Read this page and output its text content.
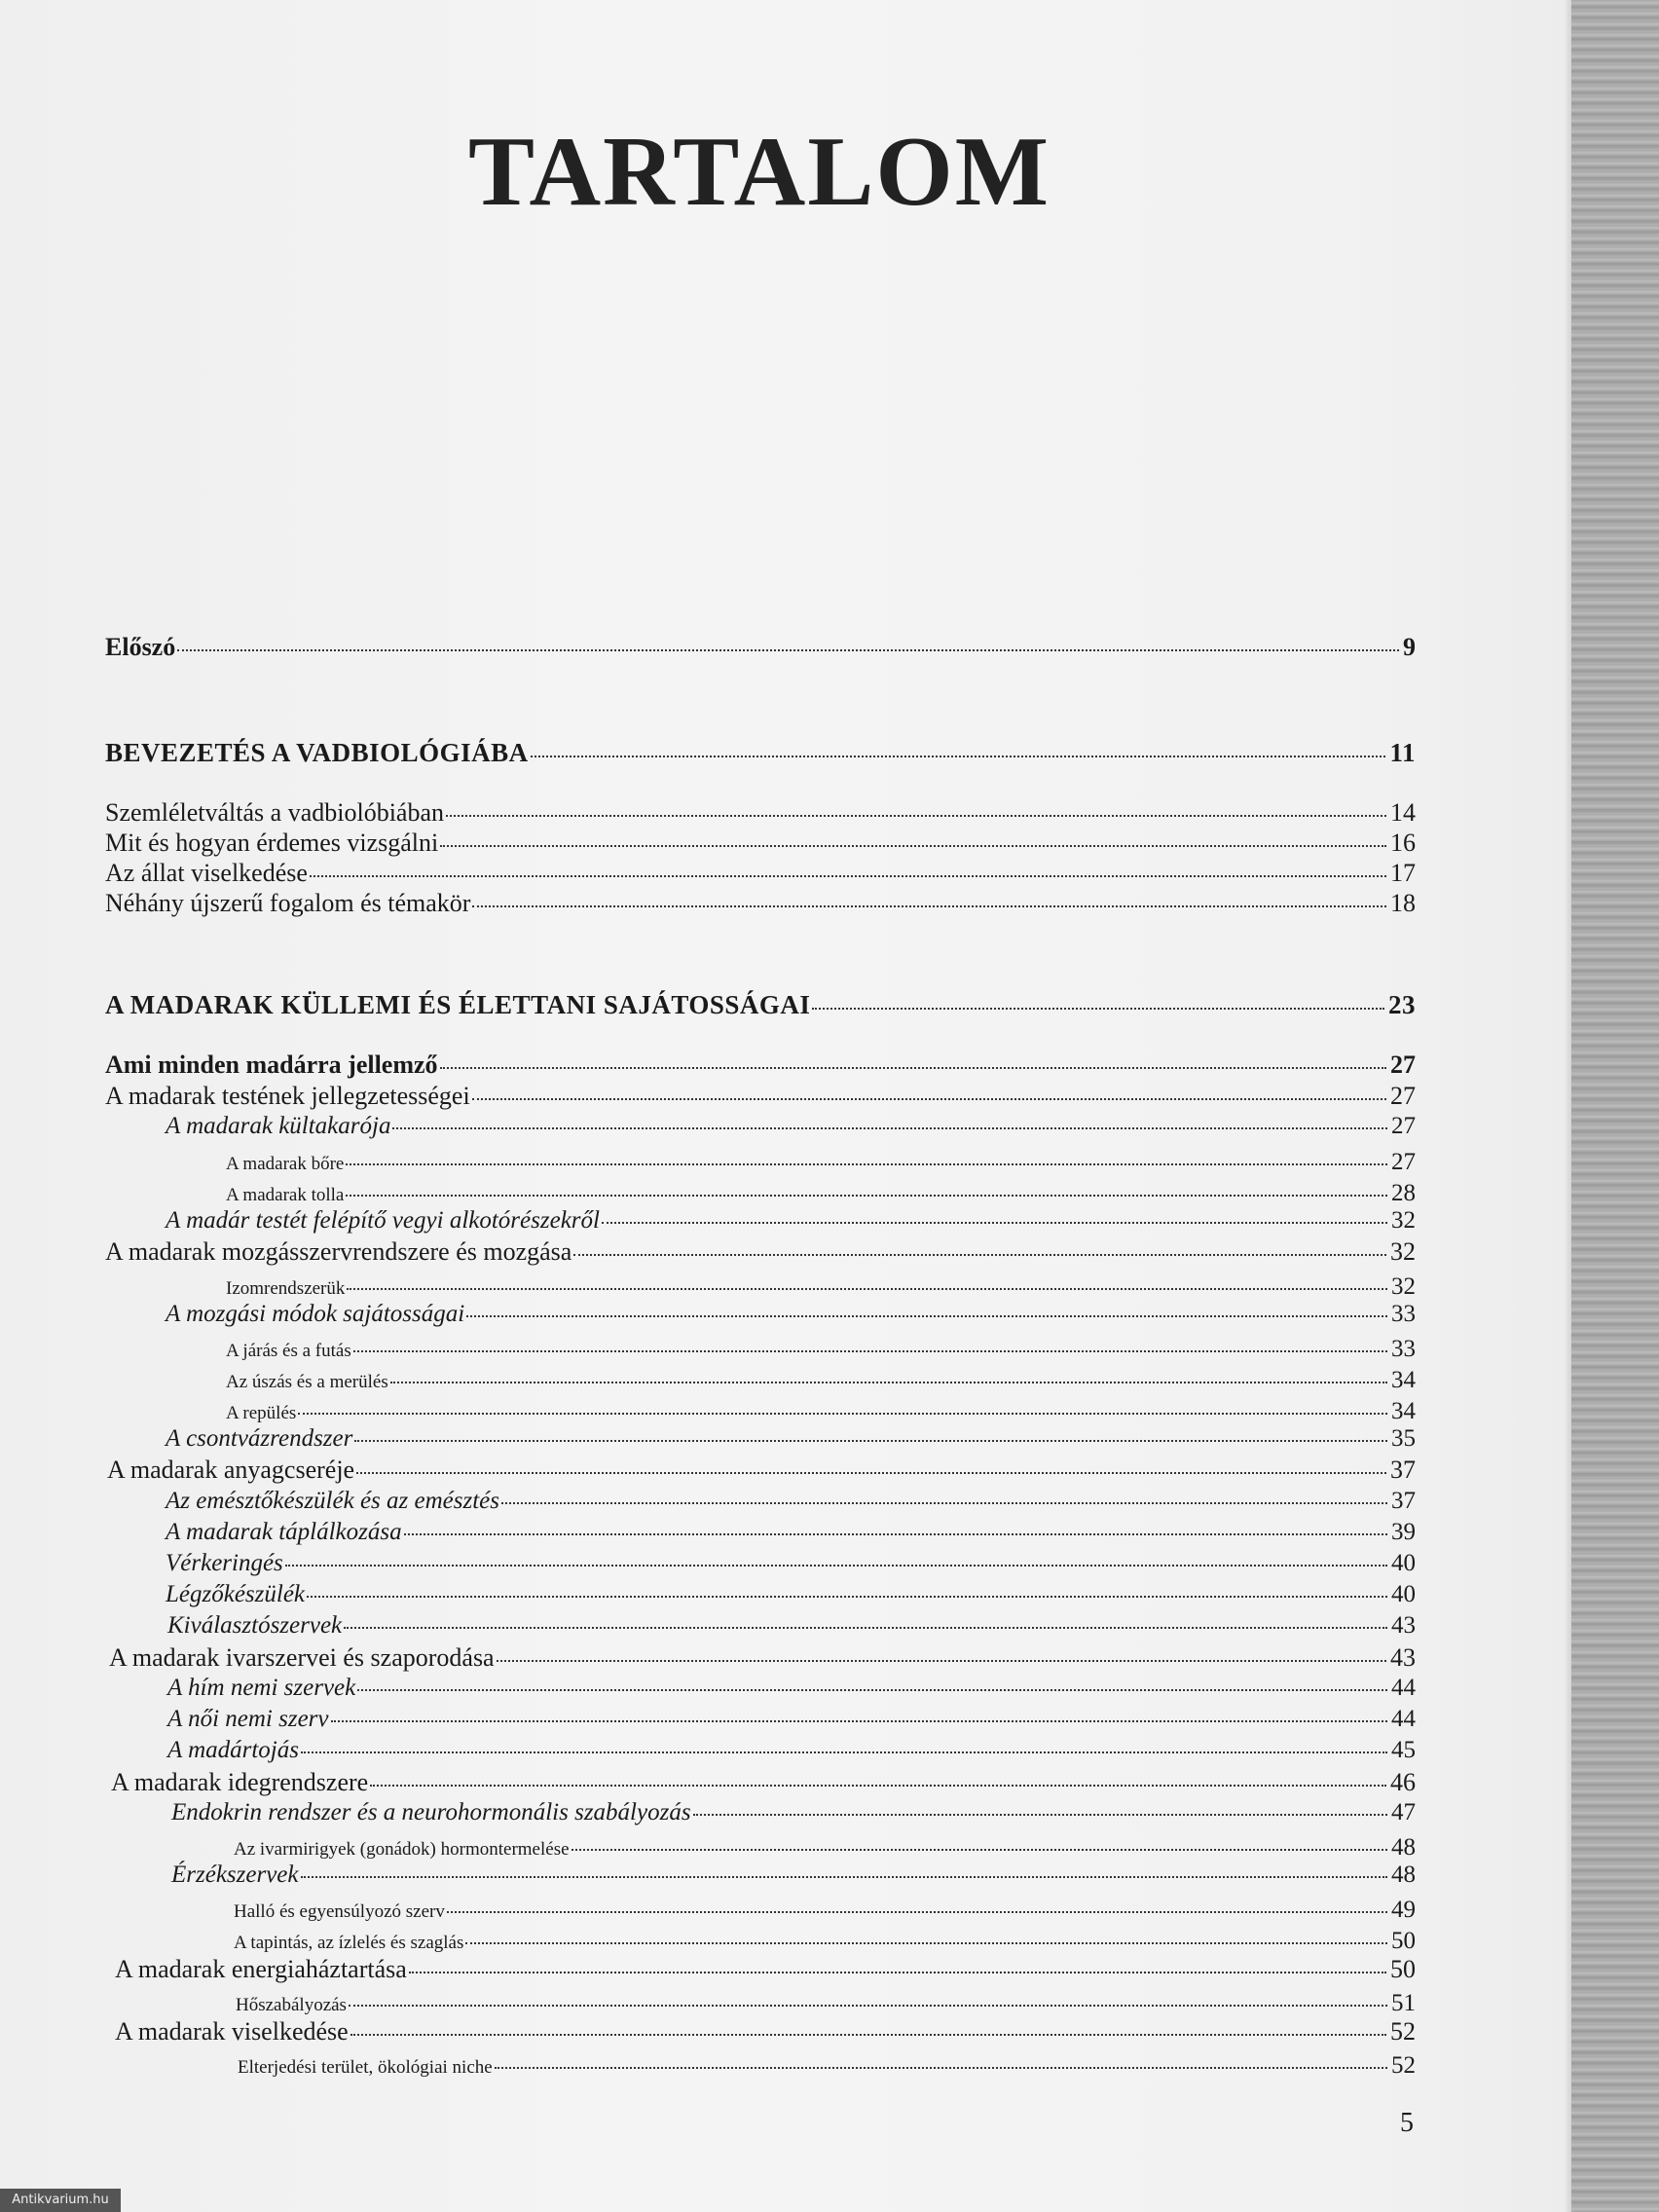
TARTALOM
Előszó	9
BEVEZETÉS A VADBIOLÓGIÁBA	11
Szemléletváltás a vadbiolóbiában	14
Mit és hogyan érdemes vizsgálni	16
Az állat viselkedése	17
Néhány újszerű fogalom és témakör	18
A MADARAK KÜLLEMI ÉS ÉLETTANI SAJÁTOSSÁGAI	23
Ami minden madárra jellemző	27
A madarak testének jellegzetességei	27
A madarak kültakarója	27
A madarak bőre	27
A madarak tolla	28
A madár testét felépítő vegyi alkotórészekről	32
A madarak mozgásszervrendszere és mozgása	32
Izomrendszerük	32
A mozgási módok sajátosságai	33
A járás és a futás	33
Az úszás és a merülés	34
A repülés	34
A csontvázrendszer	35
A madarak anyagcseréje	37
Az emésztőkészülék és az emésztés	37
A madarak táplálkozása	39
Vérkeringés	40
Légzőkészülék	40
Kiválasztószervek	43
A madarak ivarszervei és szaporodása	43
A hím nemi szervek	44
A női nemi szerv	44
A madártojás	45
A madarak idegrendszere	46
Endokrin rendszer és a neurohormonális szabályozás	47
Az ivarmirigyek (gonádok) hormontermelése	48
Érzékszervek	48
Halló és egyensúlyozó szerv	49
A tapintás, az ízlelés és szaglás	50
A madarak energiaháztartása	50
Hőszabályozás	51
A madarak viselkedése	52
Elterjedési terület, ökológiai niche	52
5
Antikvarium.hu
